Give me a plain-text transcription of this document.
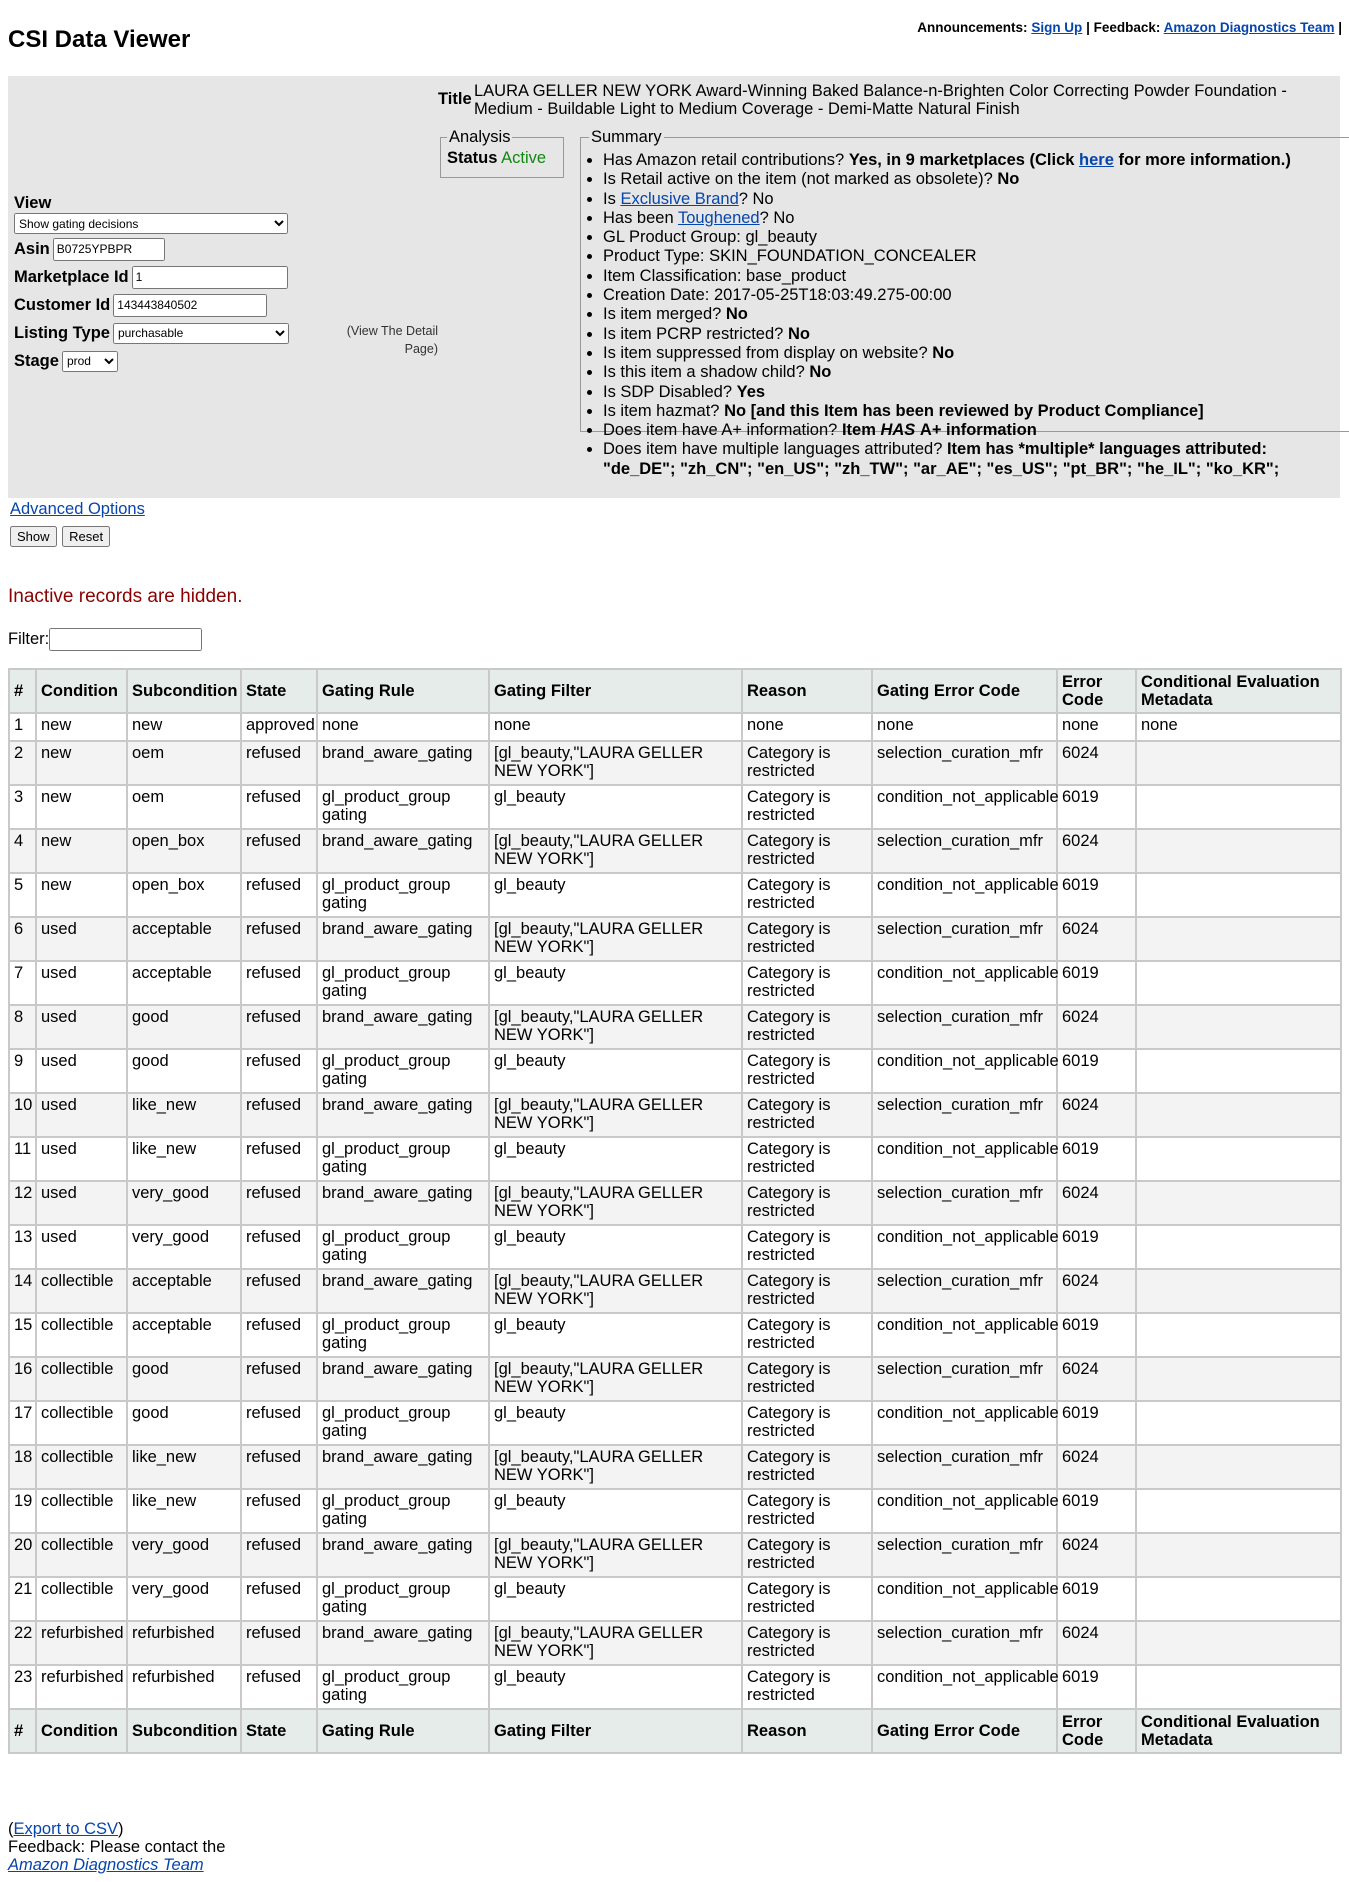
Announcements: Sign Up | Feedback: Amazon Diagnostics Team |
CSI Data Viewer
View
Show gating decisions
Asin
B0725YPBPR
Marketplace Id
1
Customer Id
143443840502
Listing Type
purchasable
Stage
prod
(View The Detail Page)
Title LAURA GELLER NEW YORK Award-Winning Baked Balance-n-Brighten Color Correcting Powder Foundation - Medium - Buildable Light to Medium Coverage - Demi-Matte Natural Finish
Analysis
Status Active
Summary
• Has Amazon retail contributions? Yes, in 9 marketplaces (Click here for more information.)
• Is Retail active on the item (not marked as obsolete)? No
• Is Exclusive Brand? No
• Has been Toughened? No
• GL Product Group: gl_beauty
• Product Type: SKIN_FOUNDATION_CONCEALER
• Item Classification: base_product
• Creation Date: 2017-05-25T18:03:49.275-00:00
• Is item merged? No
• Is item PCRP restricted? No
• Is item suppressed from display on website? No
• Is this item a shadow child? No
• Is SDP Disabled? Yes
• Is item hazmat? No [and this Item has been reviewed by Product Compliance]
• Does item have A+ information? Item HAS A+ information
• Does item have multiple languages attributed? Item has *multiple* languages attributed: "de_DE"; "zh_CN"; "en_US"; "zh_TW"; "ar_AE"; "es_US"; "pt_BR"; "he_IL"; "ko_KR";
Advanced Options
Show Reset
Inactive records are hidden.
Filter:
#	Condition	Subcondition	State	Gating Rule	Gating Filter	Reason	Gating Error Code	Error Code	Conditional Evaluation Metadata
1	new	new	approved	none	none	none	none	none	none
2	new	oem	refused	brand_aware_gating	[gl_beauty,"LAURA GELLER NEW YORK"]	Category is restricted	selection_curation_mfr	6024	
3	new	oem	refused	gl_product_group gating	gl_beauty	Category is restricted	condition_not_applicable	6019	
4	new	open_box	refused	brand_aware_gating	[gl_beauty,"LAURA GELLER NEW YORK"]	Category is restricted	selection_curation_mfr	6024	
5	new	open_box	refused	gl_product_group gating	gl_beauty	Category is restricted	condition_not_applicable	6019	
6	used	acceptable	refused	brand_aware_gating	[gl_beauty,"LAURA GELLER NEW YORK"]	Category is restricted	selection_curation_mfr	6024	
7	used	acceptable	refused	gl_product_group gating	gl_beauty	Category is restricted	condition_not_applicable	6019	
8	used	good	refused	brand_aware_gating	[gl_beauty,"LAURA GELLER NEW YORK"]	Category is restricted	selection_curation_mfr	6024	
9	used	good	refused	gl_product_group gating	gl_beauty	Category is restricted	condition_not_applicable	6019	
10	used	like_new	refused	brand_aware_gating	[gl_beauty,"LAURA GELLER NEW YORK"]	Category is restricted	selection_curation_mfr	6024	
11	used	like_new	refused	gl_product_group gating	gl_beauty	Category is restricted	condition_not_applicable	6019	
12	used	very_good	refused	brand_aware_gating	[gl_beauty,"LAURA GELLER NEW YORK"]	Category is restricted	selection_curation_mfr	6024	
13	used	very_good	refused	gl_product_group gating	gl_beauty	Category is restricted	condition_not_applicable	6019	
14	collectible	acceptable	refused	brand_aware_gating	[gl_beauty,"LAURA GELLER NEW YORK"]	Category is restricted	selection_curation_mfr	6024	
15	collectible	acceptable	refused	gl_product_group gating	gl_beauty	Category is restricted	condition_not_applicable	6019	
16	collectible	good	refused	brand_aware_gating	[gl_beauty,"LAURA GELLER NEW YORK"]	Category is restricted	selection_curation_mfr	6024	
17	collectible	good	refused	gl_product_group gating	gl_beauty	Category is restricted	condition_not_applicable	6019	
18	collectible	like_new	refused	brand_aware_gating	[gl_beauty,"LAURA GELLER NEW YORK"]	Category is restricted	selection_curation_mfr	6024	
19	collectible	like_new	refused	gl_product_group gating	gl_beauty	Category is restricted	condition_not_applicable	6019	
20	collectible	very_good	refused	brand_aware_gating	[gl_beauty,"LAURA GELLER NEW YORK"]	Category is restricted	selection_curation_mfr	6024	
21	collectible	very_good	refused	gl_product_group gating	gl_beauty	Category is restricted	condition_not_applicable	6019	
22	refurbished	refurbished	refused	brand_aware_gating	[gl_beauty,"LAURA GELLER NEW YORK"]	Category is restricted	selection_curation_mfr	6024	
23	refurbished	refurbished	refused	gl_product_group gating	gl_beauty	Category is restricted	condition_not_applicable	6019	
#	Condition	Subcondition	State	Gating Rule	Gating Filter	Reason	Gating Error Code	Error Code	Conditional Evaluation Metadata
(Export to CSV)
Feedback: Please contact the
Amazon Diagnostics Team
